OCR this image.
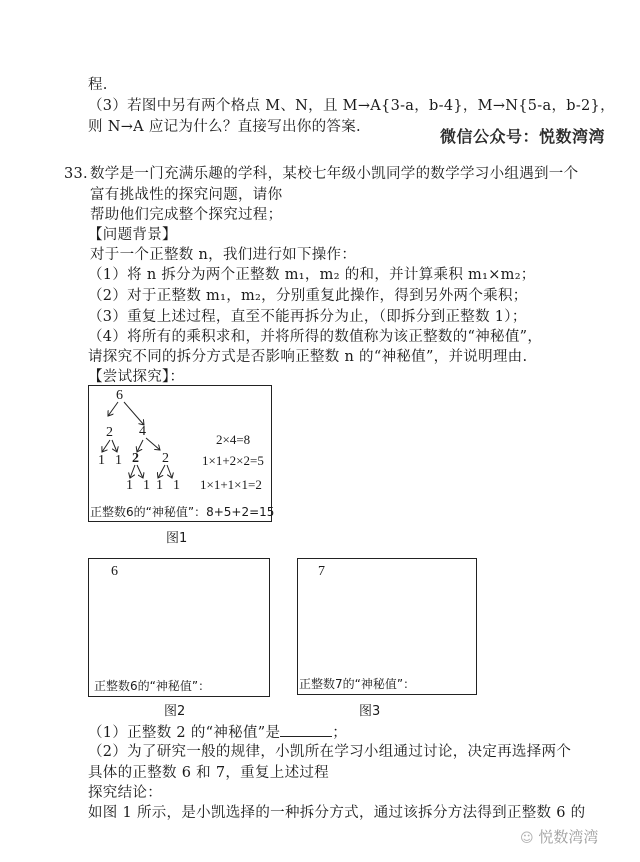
程.
（3）若图中另有两个格点 M、N，且 M→A{3-a，b-4}，M→N{5-a，b-2}，
则 N→A 应记为什么？直接写出你的答案.	微信公众号：悦数湾湾
33. 数学是一门充满乐趣的学科，某校七年级小凯同学的数学学习小组遇到一个
富有挑战性的探究问题，请你
帮助他们完成整个探究过程；
【问题背景】
对于一个正整数 n，我们进行如下操作：
（1）将 n 拆分为两个正整数 m₁，m₂ 的和，并计算乘积 m₁×m₂；
（2）对于正整数 m₁，m₂，分别重复此操作，得到另外两个乘积；
（3）重复上述过程，直至不能再拆分为止，（即拆分到正整数 1）；
（4）将所有的乘积求和，并将所得的数值称为该正整数的“神秘值”，
请探究不同的拆分方式是否影响正整数 n 的“神秘值”，并说明理由.
【尝试探究】：
6
2 4
1 1 2 2
1 1 1 1
2×4=8
1×1+2×2=5
1×1+1×1=2
正整数6的“神秘值”：8+5+2=15
图1
6
正整数6的“神秘值”：
图2
7
正整数7的“神秘值”：
图3
（1）正整数 2 的“神秘值”是	；
（2）为了研究一般的规律，小凯所在学习小组通过讨论，决定再选择两个
具体的正整数 6 和 7，重复上述过程
探究结论：
如图 1 所示，是小凯选择的一种拆分方式，通过该拆分方法得到正整数 6 的
☺ 悦数湾湾
